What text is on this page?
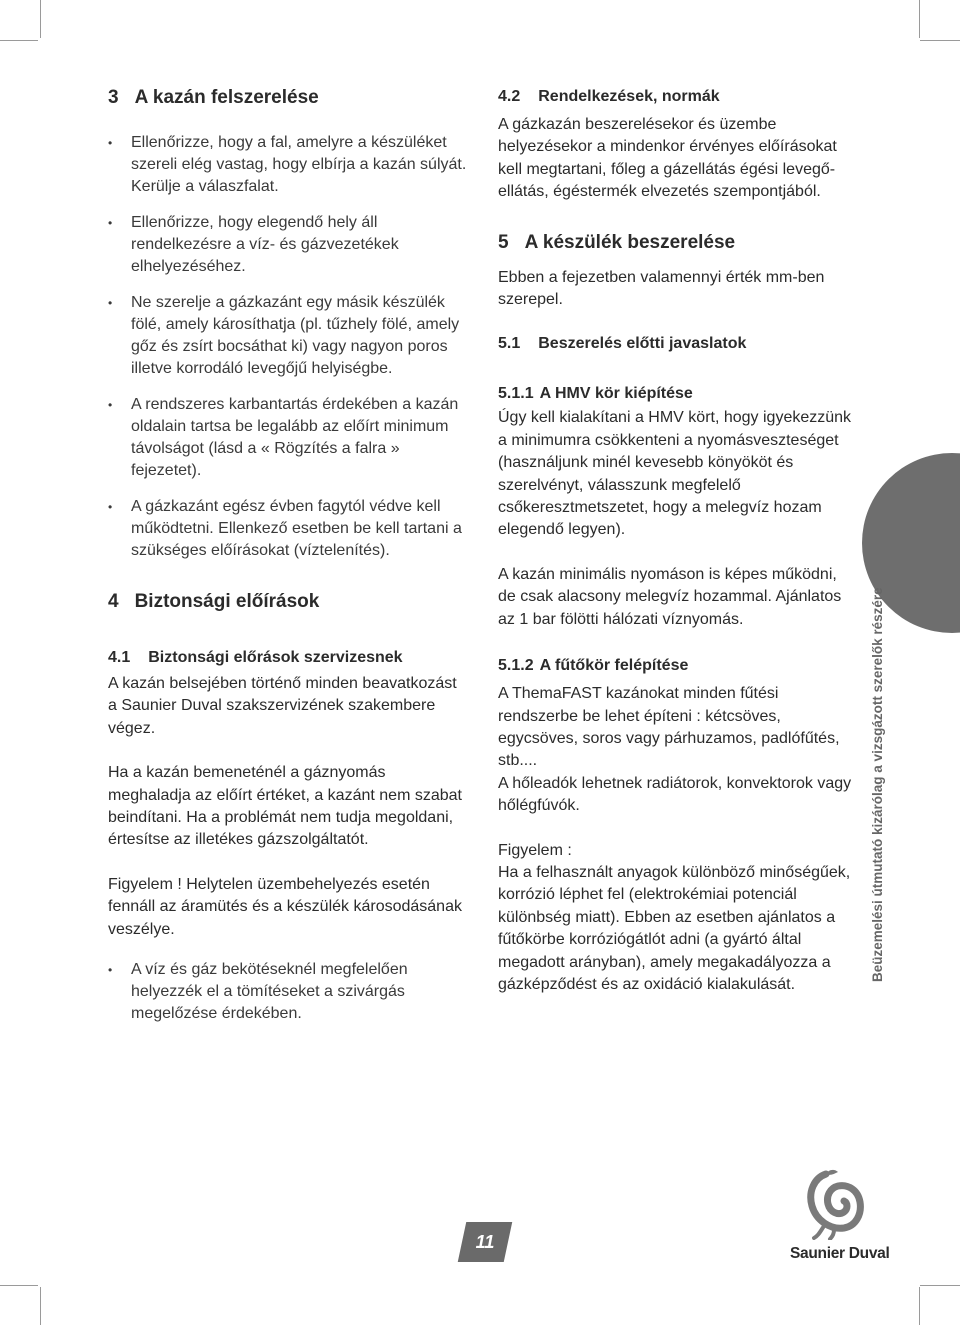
3 A kazán felszerelése
• Ellenőrizze, hogy a fal, amelyre a készüléket szereli elég vastag, hogy elbírja a kazán súlyát. Kerülje a válaszfalat.
• Ellenőrizze, hogy elegendő hely áll rendelkezésre a víz- és gázvezetékek elhelyezéséhez.
• Ne szerelje a gázkazánt egy másik készülék fölé, amely károsíthatja (pl. tűzhely fölé, amely gőz és zsírt bocsáthat ki) vagy nagyon poros illetve korrodáló levegőjű helyiségbe.
• A rendszeres karbantartás érdekében a kazán oldalain tartsa be legalább az előírt minimum távolságot (lásd a « Rögzítés a falra » fejezetet).
• A gázkazánt egész évben fagytól védve kell működtetni. Ellenkező esetben be kell tartani a szükséges előírásokat (víztelenítés).
4 Biztonsági előírások
4.1 Biztonsági előrások szervizesnek

A kazán belsejében történő minden beavatkozást a Saunier Duval szakszervizének szakembere végez.

Ha a kazán bemeneténél a gáznyomás meghaladja az előírt értéket, a kazánt nem szabat beindítani. Ha a problémát nem tudja megoldani, értesítse az illetékes gázszolgáltatót.

Figyelem ! Helytelen üzembehelyezés esetén fennáll az áramütés és a készülék károsodásának veszélye.

• A víz és gáz bekötéseknél megfelelően helyezzék el a tömítéseket a szivárgás megelőzése érdekében.
4.2 Rendelkezések, normák

A gázkazán beszerelésekor és üzembe helyezésekor a mindenkor érvényes előírásokat kell megtartani, főleg a gázellátás égési levegő-ellátás, égéstermék elvezetés szempontjából.

5 A készülék beszerelése

Ebben a fejezetben valamennyi érték mm-ben szerepel.

5.1 Beszerelés előtti javaslatok
5.1.1 A HMV kör kiépítése

Úgy kell kialakítani a HMV kört, hogy igyekezzünk a minimumra csökkenteni a nyomásveszteséget (használjunk minél kevesebb könyököt és szerelvényt, válasszunk megfelelő csőkeresztmetszetet, hogy a melegvíz hozam elegendő legyen).

A kazán minimális nyomáson is képes működni, de csak alacsony melegvíz hozammal. Ajánlatos az 1 bar fölötti hálózati víznyomás.

5.1.2 A fűtőkör felépítése

A ThemaFAST kazánokat minden fűtési rendszerbe be lehet építeni : kétcsöves, egycsöves, soros vagy párhuzamos, padlófűtés, stb....

A hőleadók lehetnek radiátorok, konvektorok vagy hőlégfúvók.

Figyelem :

Ha a felhasznált anyagok különböző minőségűek, korrózió léphet fel (elektrokémiai potenciál különbség miatt). Ebben az esetben ajánlatos a fűtőkörbe korróziógátlót adni (a gyártó által megadott arányban), amely megakadályozza a gázképződést és az oxidáció kialakulását.

Beüzemelési útmutató kizárólag a vizsgázott szerelők részére
11
Saunier Duval
